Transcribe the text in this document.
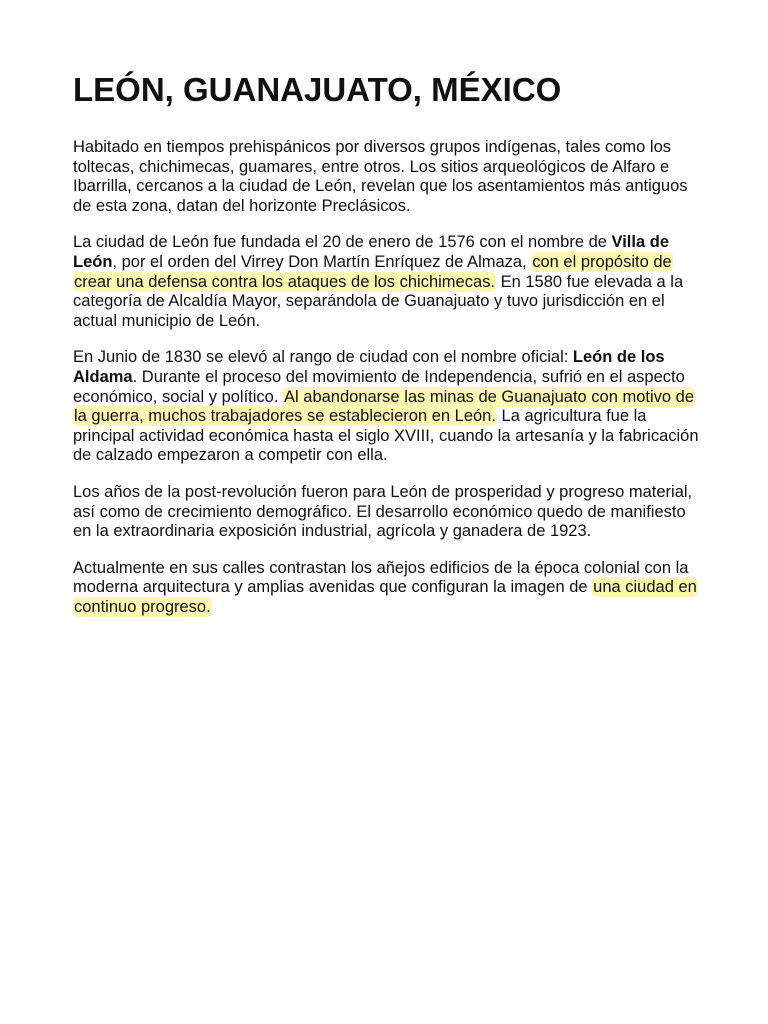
LEÓN, GUANAJUATO, MÉXICO

Habitado en tiempos prehispánicos por diversos grupos indígenas, tales como los toltecas, chichimecas, guamares, entre otros. Los sitios arqueológicos de Alfaro e Ibarrilla, cercanos a la ciudad de León, revelan que los asentamientos más antiguos de esta zona, datan del horizonte Preclásicos.

La ciudad de León fue fundada el 20 de enero de 1576 con el nombre de Villa de León, por el orden del Virrey Don Martín Enríquez de Almaza, con el propósito de crear una defensa contra los ataques de los chichimecas. En 1580 fue elevada a la categoría de Alcaldía Mayor, separándola de Guanajuato y tuvo jurisdicción en el actual municipio de León.

En Junio de 1830 se elevó al rango de ciudad con el nombre oficial: León de los Aldama. Durante el proceso del movimiento de Independencia, sufrió en el aspecto económico, social y político. Al abandonarse las minas de Guanajuato con motivo de la guerra, muchos trabajadores se establecieron en León. La agricultura fue la principal actividad económica hasta el siglo XVIII, cuando la artesanía y la fabricación de calzado empezaron a competir con ella.

Los años de la post-revolución fueron para León de prosperidad y progreso material, así como de crecimiento demográfico. El desarrollo económico quedo de manifiesto en la extraordinaria exposición industrial, agrícola y ganadera de 1923.

Actualmente en sus calles contrastan los añejos edificios de la época colonial con la moderna arquitectura y amplias avenidas que configuran la imagen de una ciudad en continuo progreso.
